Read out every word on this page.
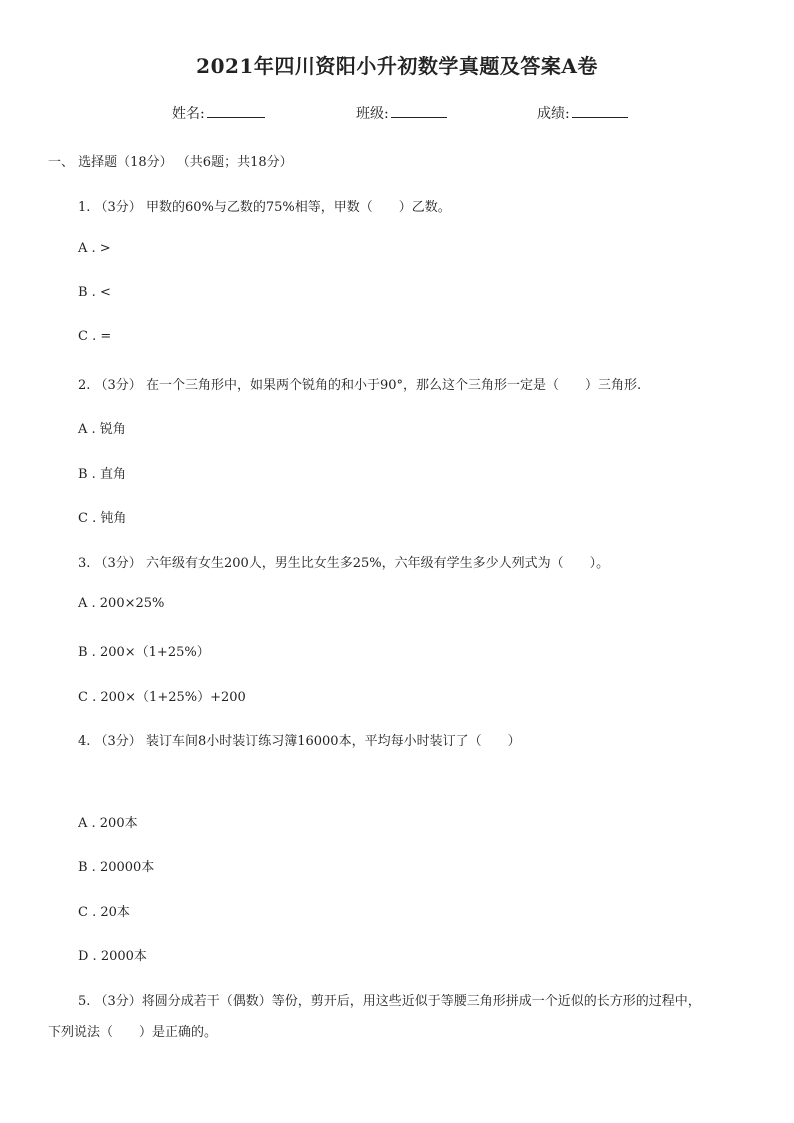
2021年四川资阳小升初数学真题及答案A卷
姓名:	班级:	成绩:
一、 选择题（18分） （共6题；共18分）
1. （3分） 甲数的60%与乙数的75%相等，甲数（　　）乙数。
A . >
B . <
C . =
2. （3分） 在一个三角形中，如果两个锐角的和小于90°，那么这个三角形一定是（　　）三角形.
A . 锐角
B . 直角
C . 钝角
3. （3分） 六年级有女生200人，男生比女生多25%，六年级有学生多少人列式为（　　）。
A . 200×25%
B . 200×（1+25%）
C . 200×（1+25%）+200
4. （3分） 装订车间8小时装订练习簿16000本，平均每小时装订了（　　）
A . 200本
B . 20000本
C . 20本
D . 2000本
5. （3分）将圆分成若干（偶数）等份，剪开后，用这些近似于等腰三角形拼成一个近似的长方形的过程中，
下列说法（　　）是正确的。
